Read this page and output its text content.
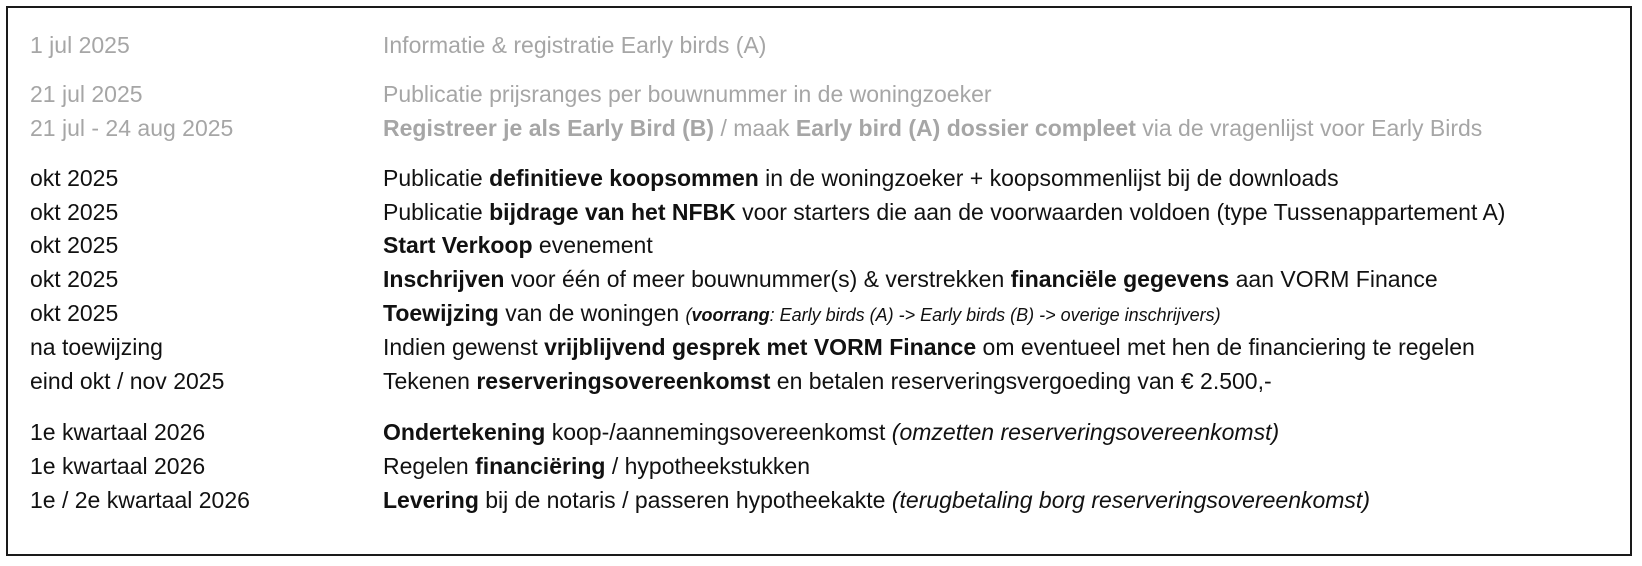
1 jul 2025	Informatie & registratie Early birds (A)
21 jul 2025	Publicatie prijsranges per bouwnummer in de woningzoeker
21 jul - 24 aug 2025	Registreer je als Early Bird (B) / maak Early bird (A) dossier compleet via de vragenlijst voor Early Birds
okt 2025	Publicatie definitieve koopsommen in de woningzoeker + koopsommenlijst bij de downloads
okt 2025	Publicatie bijdrage van het NFBK voor starters die aan de voorwaarden voldoen (type Tussenappartement A)
okt 2025	Start Verkoop evenement
okt 2025	Inschrijven voor één of meer bouwnummer(s) & verstrekken financiële gegevens aan VORM Finance
okt 2025	Toewijzing van de woningen (voorrang: Early birds (A) -> Early birds (B) -> overige inschrijvers)
na toewijzing	Indien gewenst vrijblijvend gesprek met VORM Finance om eventueel met hen de financiering te regelen
eind okt / nov 2025	Tekenen reserveringsovereenkomst en betalen reserveringsvergoeding van € 2.500,-
1e kwartaal 2026	Ondertekening koop-/aannemingsovereenkomst (omzetten reserveringsovereenkomst)
1e kwartaal 2026	Regelen financiëring / hypotheekstukken
1e / 2e kwartaal 2026	Levering bij de notaris / passeren hypotheekakte (terugbetaling borg reserveringsovereenkomst)
